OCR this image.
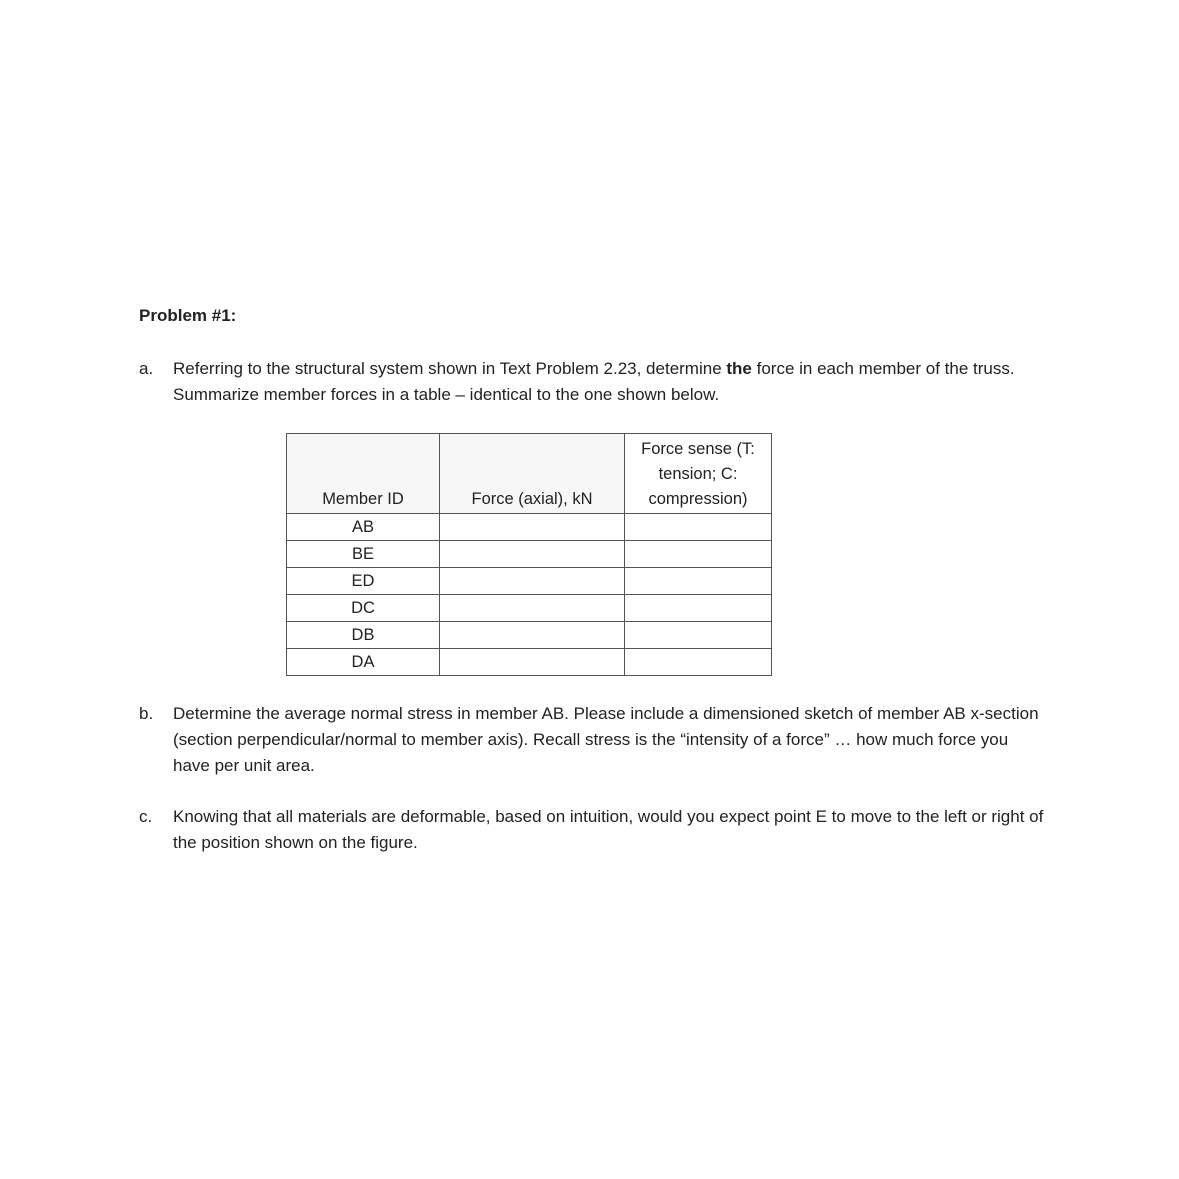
Problem #1:
a. Referring to the structural system shown in Text Problem 2.23, determine the force in each member of the truss. Summarize member forces in a table – identical to the one shown below.
Member ID	Force (axial), kN	Force sense (T: tension; C: compression)
AB		
BE		
ED		
DC		
DB		
DA		
b. Determine the average normal stress in member AB. Please include a dimensioned sketch of member AB x-section (section perpendicular/normal to member axis). Recall stress is the “intensity of a force” … how much force you have per unit area.
c. Knowing that all materials are deformable, based on intuition, would you expect point E to move to the left or right of the position shown on the figure.
